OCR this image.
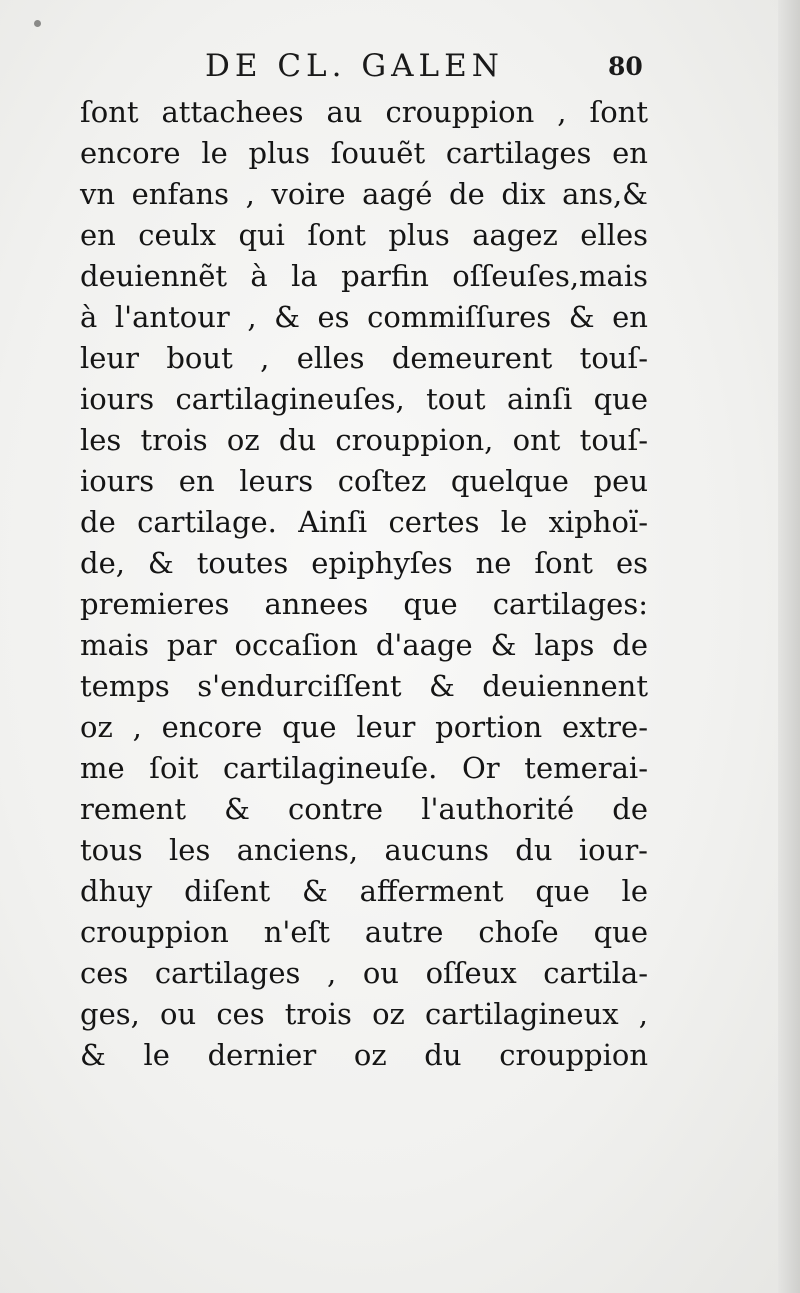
DE CL. GALEN	80
ſont attachees au crouppion , ſont
encore le plus ſouuẽt cartilages en
vn enfans , voire aagé de dix ans,&
en ceulx qui ſont plus aagez elles
deuiennẽt à la parfin oſſeuſes,mais
à l'antour , & es commiſſures & en
leur bout , elles demeurent touſ-
iours cartilagineuſes, tout ainſi que
les trois oz du crouppion, ont touſ-
iours en leurs coſtez quelque peu
de cartilage. Ainſi certes le xiphoï-
de, & toutes epiphyſes ne ſont es
premieres annees que cartilages:
mais par occaſion d'aage & laps de
temps s'endurciſſent & deuiennent
oz , encore que leur portion extre-
me ſoit cartilagineuſe. Or temerai-
rement & contre l'authorité de
tous les anciens, aucuns du iour-
dhuy diſent & afferment que le
crouppion n'eſt autre choſe que
ces cartilages , ou oſſeux cartila-
ges, ou ces trois oz cartilagineux ,
& le dernier oz du crouppion
